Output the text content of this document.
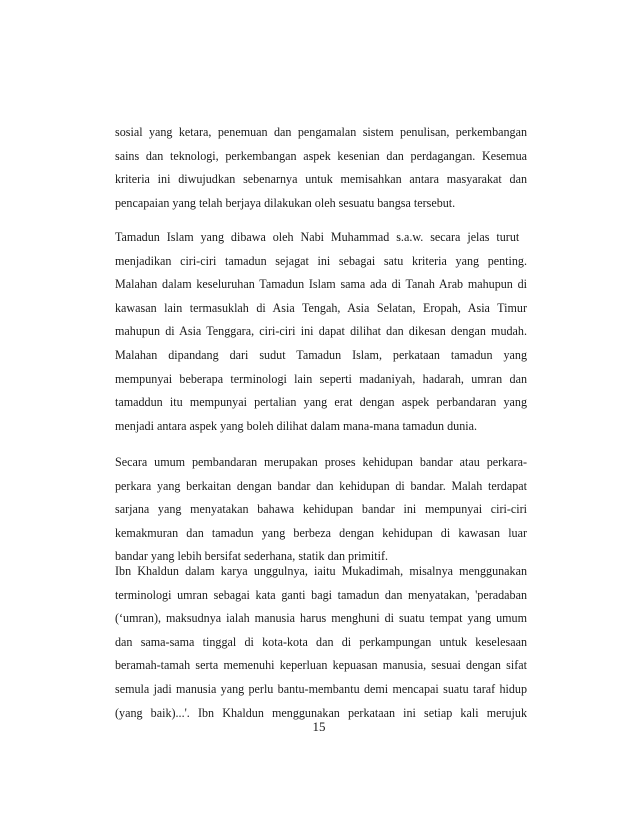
sosial yang ketara, penemuan dan pengamalan sistem penulisan, perkembangan
sains dan teknologi, perkembangan aspek kesenian dan perdagangan. Kesemua
kriteria ini diwujudkan sebenarnya untuk memisahkan antara masyarakat dan
pencapaian yang telah berjaya dilakukan oleh sesuatu bangsa tersebut.

Tamadun Islam yang dibawa oleh Nabi Muhammad s.a.w. secara jelas turut
menjadikan ciri-ciri tamadun sejagat ini sebagai satu kriteria yang penting.
Malahan dalam keseluruhan Tamadun Islam sama ada di Tanah Arab mahupun di
kawasan lain termasuklah di Asia Tengah, Asia Selatan, Eropah, Asia Timur
mahupun di Asia Tenggara, ciri-ciri ini dapat dilihat dan dikesan dengan mudah.
Malahan dipandang dari sudut Tamadun Islam, perkataan tamadun yang
mempunyai beberapa terminologi lain seperti madaniyah, hadarah, umran dan
tamaddun itu mempunyai pertalian yang erat dengan aspek perbandaran yang
menjadi antara aspek yang boleh dilihat dalam mana-mana tamadun dunia.

Secara umum pembandaran merupakan proses kehidupan bandar atau perkara-
perkara yang berkaitan dengan bandar dan kehidupan di bandar. Malah terdapat
sarjana yang menyatakan bahawa kehidupan bandar ini mempunyai ciri-ciri
kemakmuran dan tamadun yang berbeza dengan kehidupan di kawasan luar
bandar yang lebih bersifat sederhana, statik dan primitif.

Ibn Khaldun dalam karya unggulnya, iaitu Mukadimah, misalnya menggunakan
terminologi umran sebagai kata ganti bagi tamadun dan menyatakan, 'peradaban
(‘umran), maksudnya ialah manusia harus menghuni di suatu tempat yang umum
dan sama-sama tinggal di kota-kota dan di perkampungan untuk keselesaan
beramah-tamah serta memenuhi keperluan kepuasan manusia, sesuai dengan sifat
semula jadi manusia yang perlu bantu-membantu demi mencapai suatu taraf hidup
(yang baik)...'. Ibn Khaldun menggunakan perkataan ini setiap kali merujuk

15
